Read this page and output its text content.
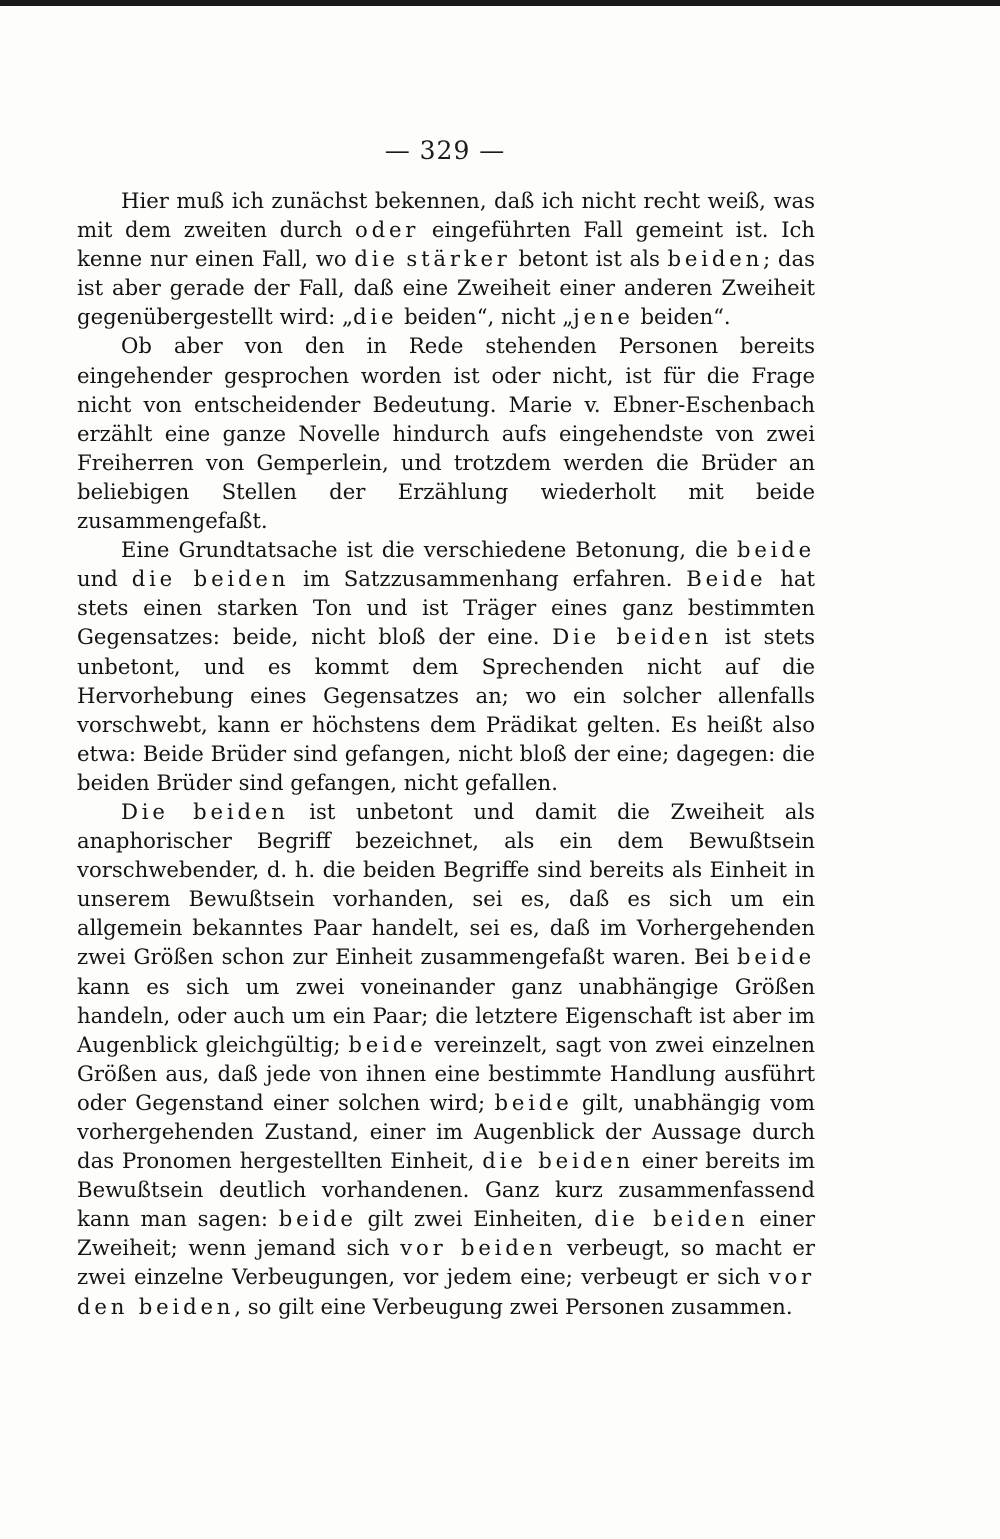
— 329 —

Hier muß ich zunächst bekennen, daß ich nicht recht weiß, was mit dem zweiten durch oder eingeführten Fall gemeint ist. Ich kenne nur einen Fall, wo die stärker betont ist als beiden; das ist aber gerade der Fall, daß eine Zweiheit einer anderen Zweiheit gegenübergestellt wird: „die beiden“, nicht „jene beiden“.

Ob aber von den in Rede stehenden Personen bereits eingehender gesprochen worden ist oder nicht, ist für die Frage nicht von entscheidender Bedeutung. Marie v. Ebner-Eschenbach erzählt eine ganze Novelle hindurch aufs eingehendste von zwei Freiherren von Gemperlein, und trotzdem werden die Brüder an beliebigen Stellen der Erzählung wiederholt mit beide zusammengefaßt.

Eine Grundtatsache ist die verschiedene Betonung, die beide und die beiden im Satzzusammenhang erfahren. Beide hat stets einen starken Ton und ist Träger eines ganz bestimmten Gegensatzes: beide, nicht bloß der eine. Die beiden ist stets unbetont, und es kommt dem Sprechenden nicht auf die Hervorhebung eines Gegensatzes an; wo ein solcher allenfalls vorschwebt, kann er höchstens dem Prädikat gelten. Es heißt also etwa: Beide Brüder sind gefangen, nicht bloß der eine; dagegen: die beiden Brüder sind gefangen, nicht gefallen.

Die beiden ist unbetont und damit die Zweiheit als anaphorischer Begriff bezeichnet, als ein dem Bewußtsein vorschwebender, d. h. die beiden Begriffe sind bereits als Einheit in unserem Bewußtsein vorhanden, sei es, daß es sich um ein allgemein bekanntes Paar handelt, sei es, daß im Vorhergehenden zwei Größen schon zur Einheit zusammengefaßt waren. Bei beide kann es sich um zwei voneinander ganz unabhängige Größen handeln, oder auch um ein Paar; die letztere Eigenschaft ist aber im Augenblick gleichgültig; beide vereinzelt, sagt von zwei einzelnen Größen aus, daß jede von ihnen eine bestimmte Handlung ausführt oder Gegenstand einer solchen wird; beide gilt, unabhängig vom vorhergehenden Zustand, einer im Augenblick der Aussage durch das Pronomen hergestellten Einheit, die beiden einer bereits im Bewußtsein deutlich vorhandenen. Ganz kurz zusammenfassend kann man sagen: beide gilt zwei Einheiten, die beiden einer Zweiheit; wenn jemand sich vor beiden verbeugt, so macht er zwei einzelne Verbeugungen, vor jedem eine; verbeugt er sich vor den beiden, so gilt eine Verbeugung zwei Personen zusammen.
